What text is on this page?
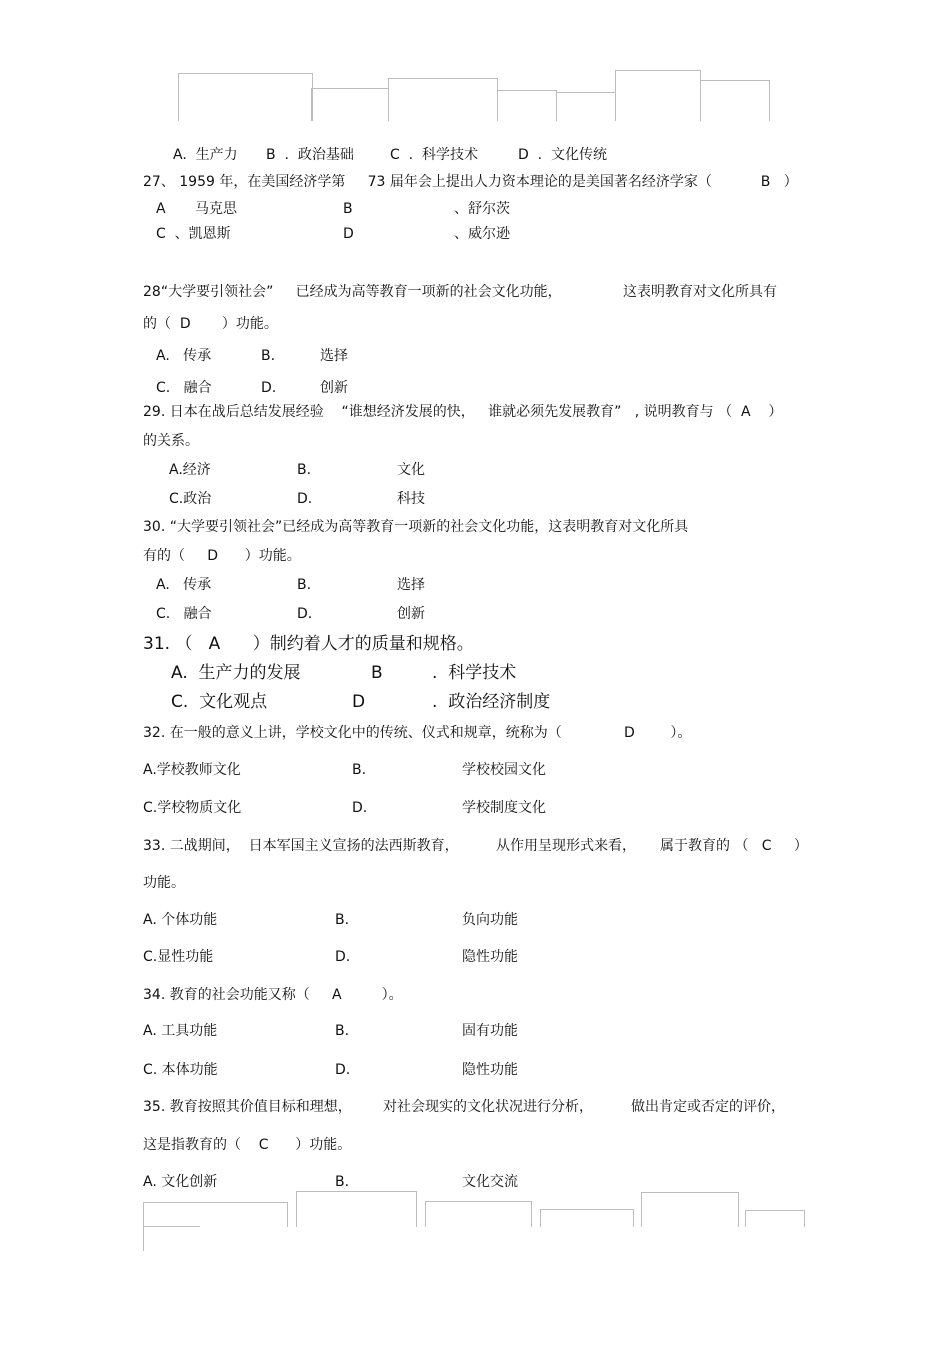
A.  生产力 B  .  政治基础	C  .  科学技术	D  .  文化传统
27、 1959 年，在美国经济学第     73 届年会上提出人力资本理论的是美国著名经济学家（           B   ）
A 马克思	B	、舒尔茨
C  、凯恩斯	D	、威尔逊
28“大学要引领社会”     已经成为高等教育一项新的社会文化功能，	这表明教育对文化所具有
的（  D       ）功能。
A.   传承	B.	选择
C.   融合	D.	创新
29. 日本在战后总结发展经验    “谁想经济发展的快，   谁就必须先发展教育”   , 说明教育与 （  A    ）
的关系。
A.经济	B.	文化
C.政治	D.	科技
30. “大学要引领社会”已经成为高等教育一项新的社会文化功能，这表明教育对文化所具
有的（     D      ）功能。
A.   传承	B.	选择
C.   融合	D.	创新
31. （   A      ）制约着人才的质量和规格。
A.  生产力的发展	B	.  科学技术
C.  文化观点	D	.  政治经济制度
32. 在一般的意义上讲，学校文化中的传统、仪式和规章，统称为（              D        ）。
A.学校教师文化	B.	学校校园文化
C.学校物质文化	D.	学校制度文化
33. 二战期间，  日本军国主义宣扬的法西斯教育，	从作用呈现形式来看， 属于教育的 （   C     ）
功能。
A. 个体功能	B.	负向功能
C.显性功能	D.	隐性功能
34. 教育的社会功能又称（     A         ）。
A. 工具功能	B.	固有功能
C. 本体功能	D.	隐性功能
35. 教育按照其价值目标和理想， 对社会现实的文化状况进行分析，	做出肯定或否定的评价，
这是指教育的（    C      ）功能。
A. 文化创新	B.	文化交流
